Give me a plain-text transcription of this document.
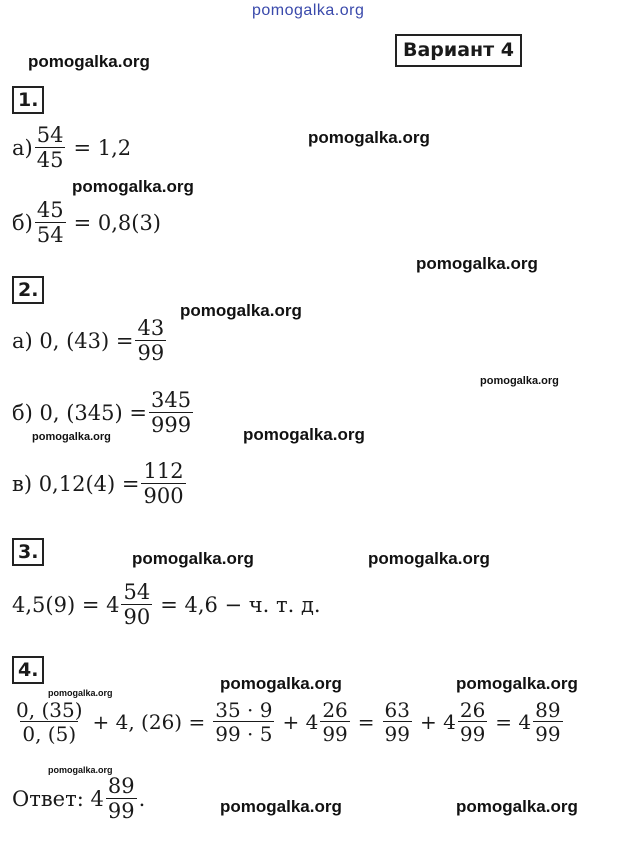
pomogalka.org
Вариант 4
pomogalka.org
pomogalka.org
pomogalka.org
pomogalka.org
pomogalka.org
pomogalka.org
pomogalka.org	pomogalka.org
pomogalka.org	pomogalka.org
pomogalka.org	pomogalka.org
pomogalka.org
pomogalka.org
pomogalka.org	pomogalka.org
1.
$а) \frac{54}{45} = 1,2$
$б) \frac{45}{54} = 0,8(3)$
2.
а) 0, $(43) = \frac{43}{99}$
б) 0, $(345) = \frac{345}{999}$
в) $0,12(4) = \frac{112}{900}$
3.
$4,5(9) = 4 \frac{54}{90} = 4,6 - ч$. т. д.
4.
$\frac{0, (35)}{0, (5)} + 4$, $(26) = \frac{35 \cdot 9}{99 \cdot 5} + 4 \frac{26}{99} = \frac{63}{99} + 4 \frac{26}{99} = 4 \frac{89}{99}$
Ответ: $4 \frac{89}{99}$ .
